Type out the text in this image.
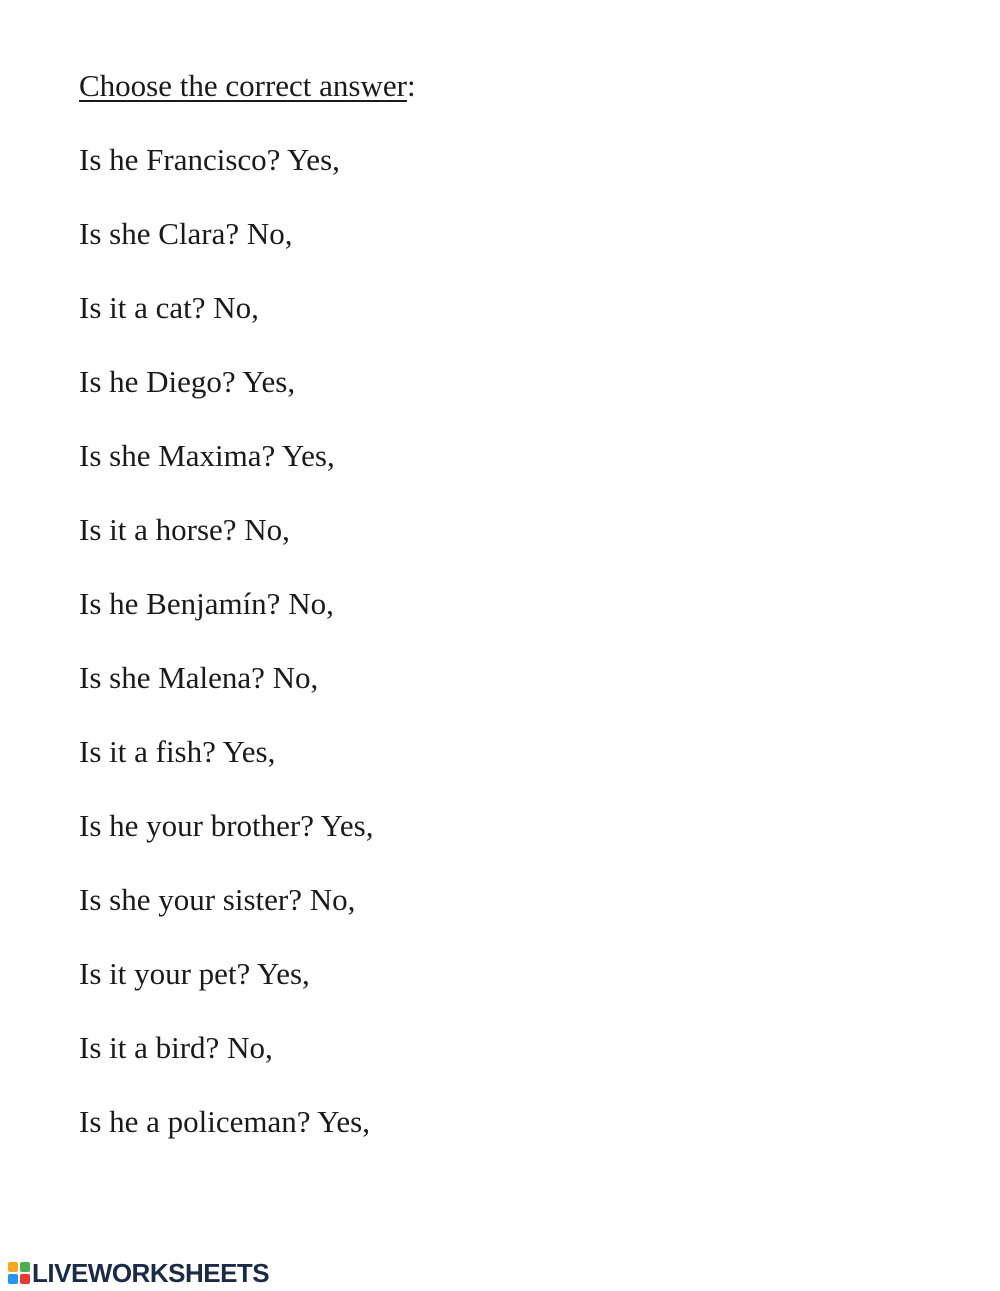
Choose the correct answer:

Is he Francisco? Yes,
Is she Clara? No,
Is it a cat? No,
Is he Diego? Yes,
Is she Maxima? Yes,
Is it a horse? No,
Is he Benjamín? No,
Is she Malena? No,
Is it a fish? Yes,
Is he your brother? Yes,
Is she your sister? No,
Is it your pet? Yes,
Is it a bird? No,
Is he a policeman? Yes,
LIVEWORKSHEETS
